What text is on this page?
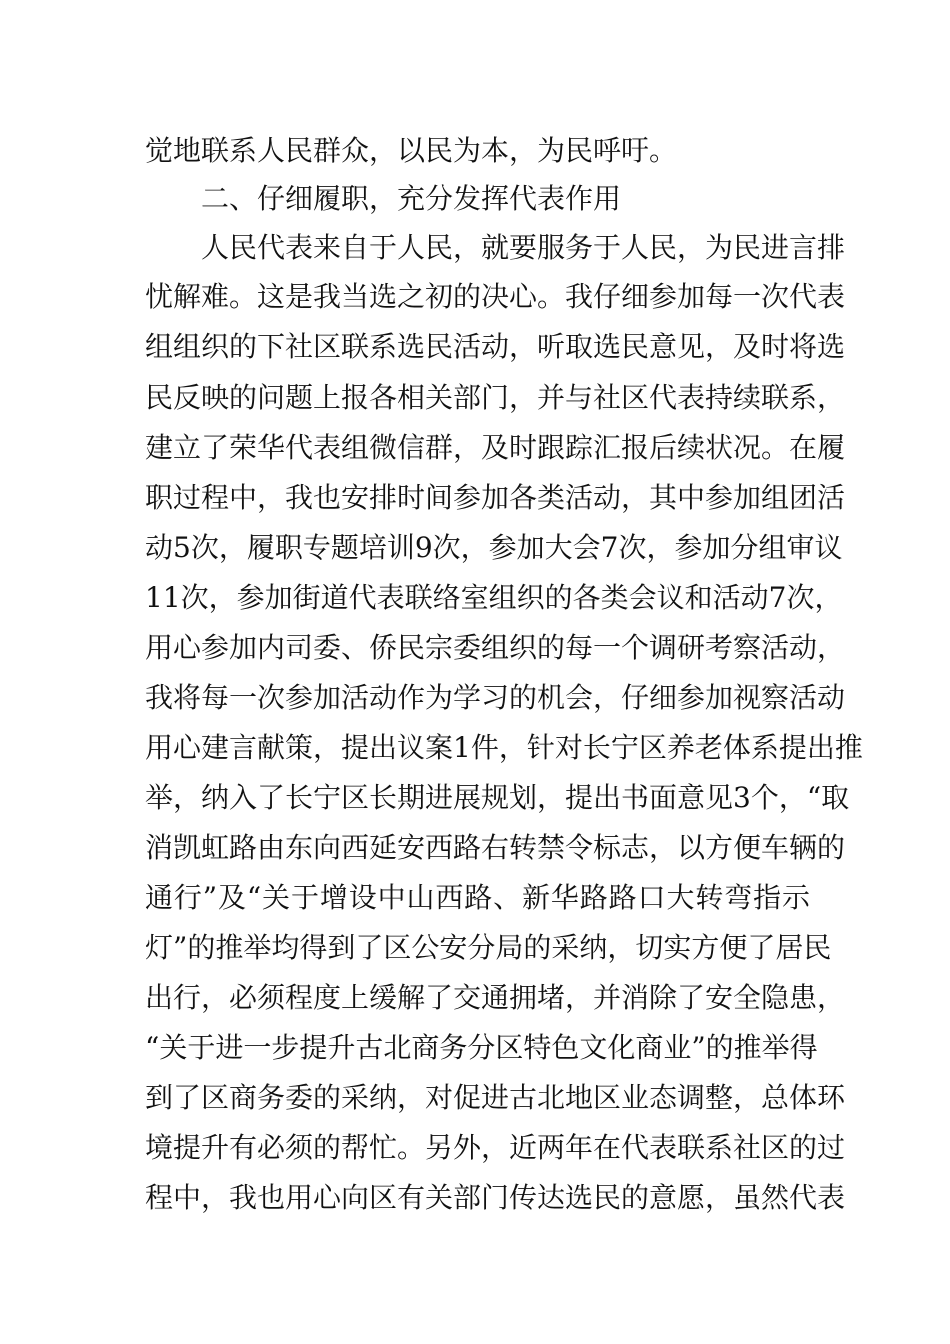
觉地联系人民群众，以民为本，为民呼吁。
二、仔细履职，充分发挥代表作用
人民代表来自于人民，就要服务于人民，为民进言排
忧解难。这是我当选之初的决心。我仔细参加每一次代表
组组织的下社区联系选民活动，听取选民意见，及时将选
民反映的问题上报各相关部门，并与社区代表持续联系，
建立了荣华代表组微信群，及时跟踪汇报后续状况。在履
职过程中，我也安排时间参加各类活动，其中参加组团活
动5次，履职专题培训9次，参加大会7次，参加分组审议
11次，参加街道代表联络室组织的各类会议和活动7次，
用心参加内司委、侨民宗委组织的每一个调研考察活动，
我将每一次参加活动作为学习的机会，仔细参加视察活动
用心建言献策，提出议案1件，针对长宁区养老体系提出推
举，纳入了长宁区长期进展规划，提出书面意见3个，“取
消凯虹路由东向西延安西路右转禁令标志，以方便车辆的
通行”及“关于增设中山西路、新华路路口大转弯指示
灯”的推举均得到了区公安分局的采纳，切实方便了居民
出行，必须程度上缓解了交通拥堵，并消除了安全隐患，
“关于进一步提升古北商务分区特色文化商业”的推举得
到了区商务委的采纳，对促进古北地区业态调整，总体环
境提升有必须的帮忙。另外，近两年在代表联系社区的过
程中，我也用心向区有关部门传达选民的意愿，虽然代表
